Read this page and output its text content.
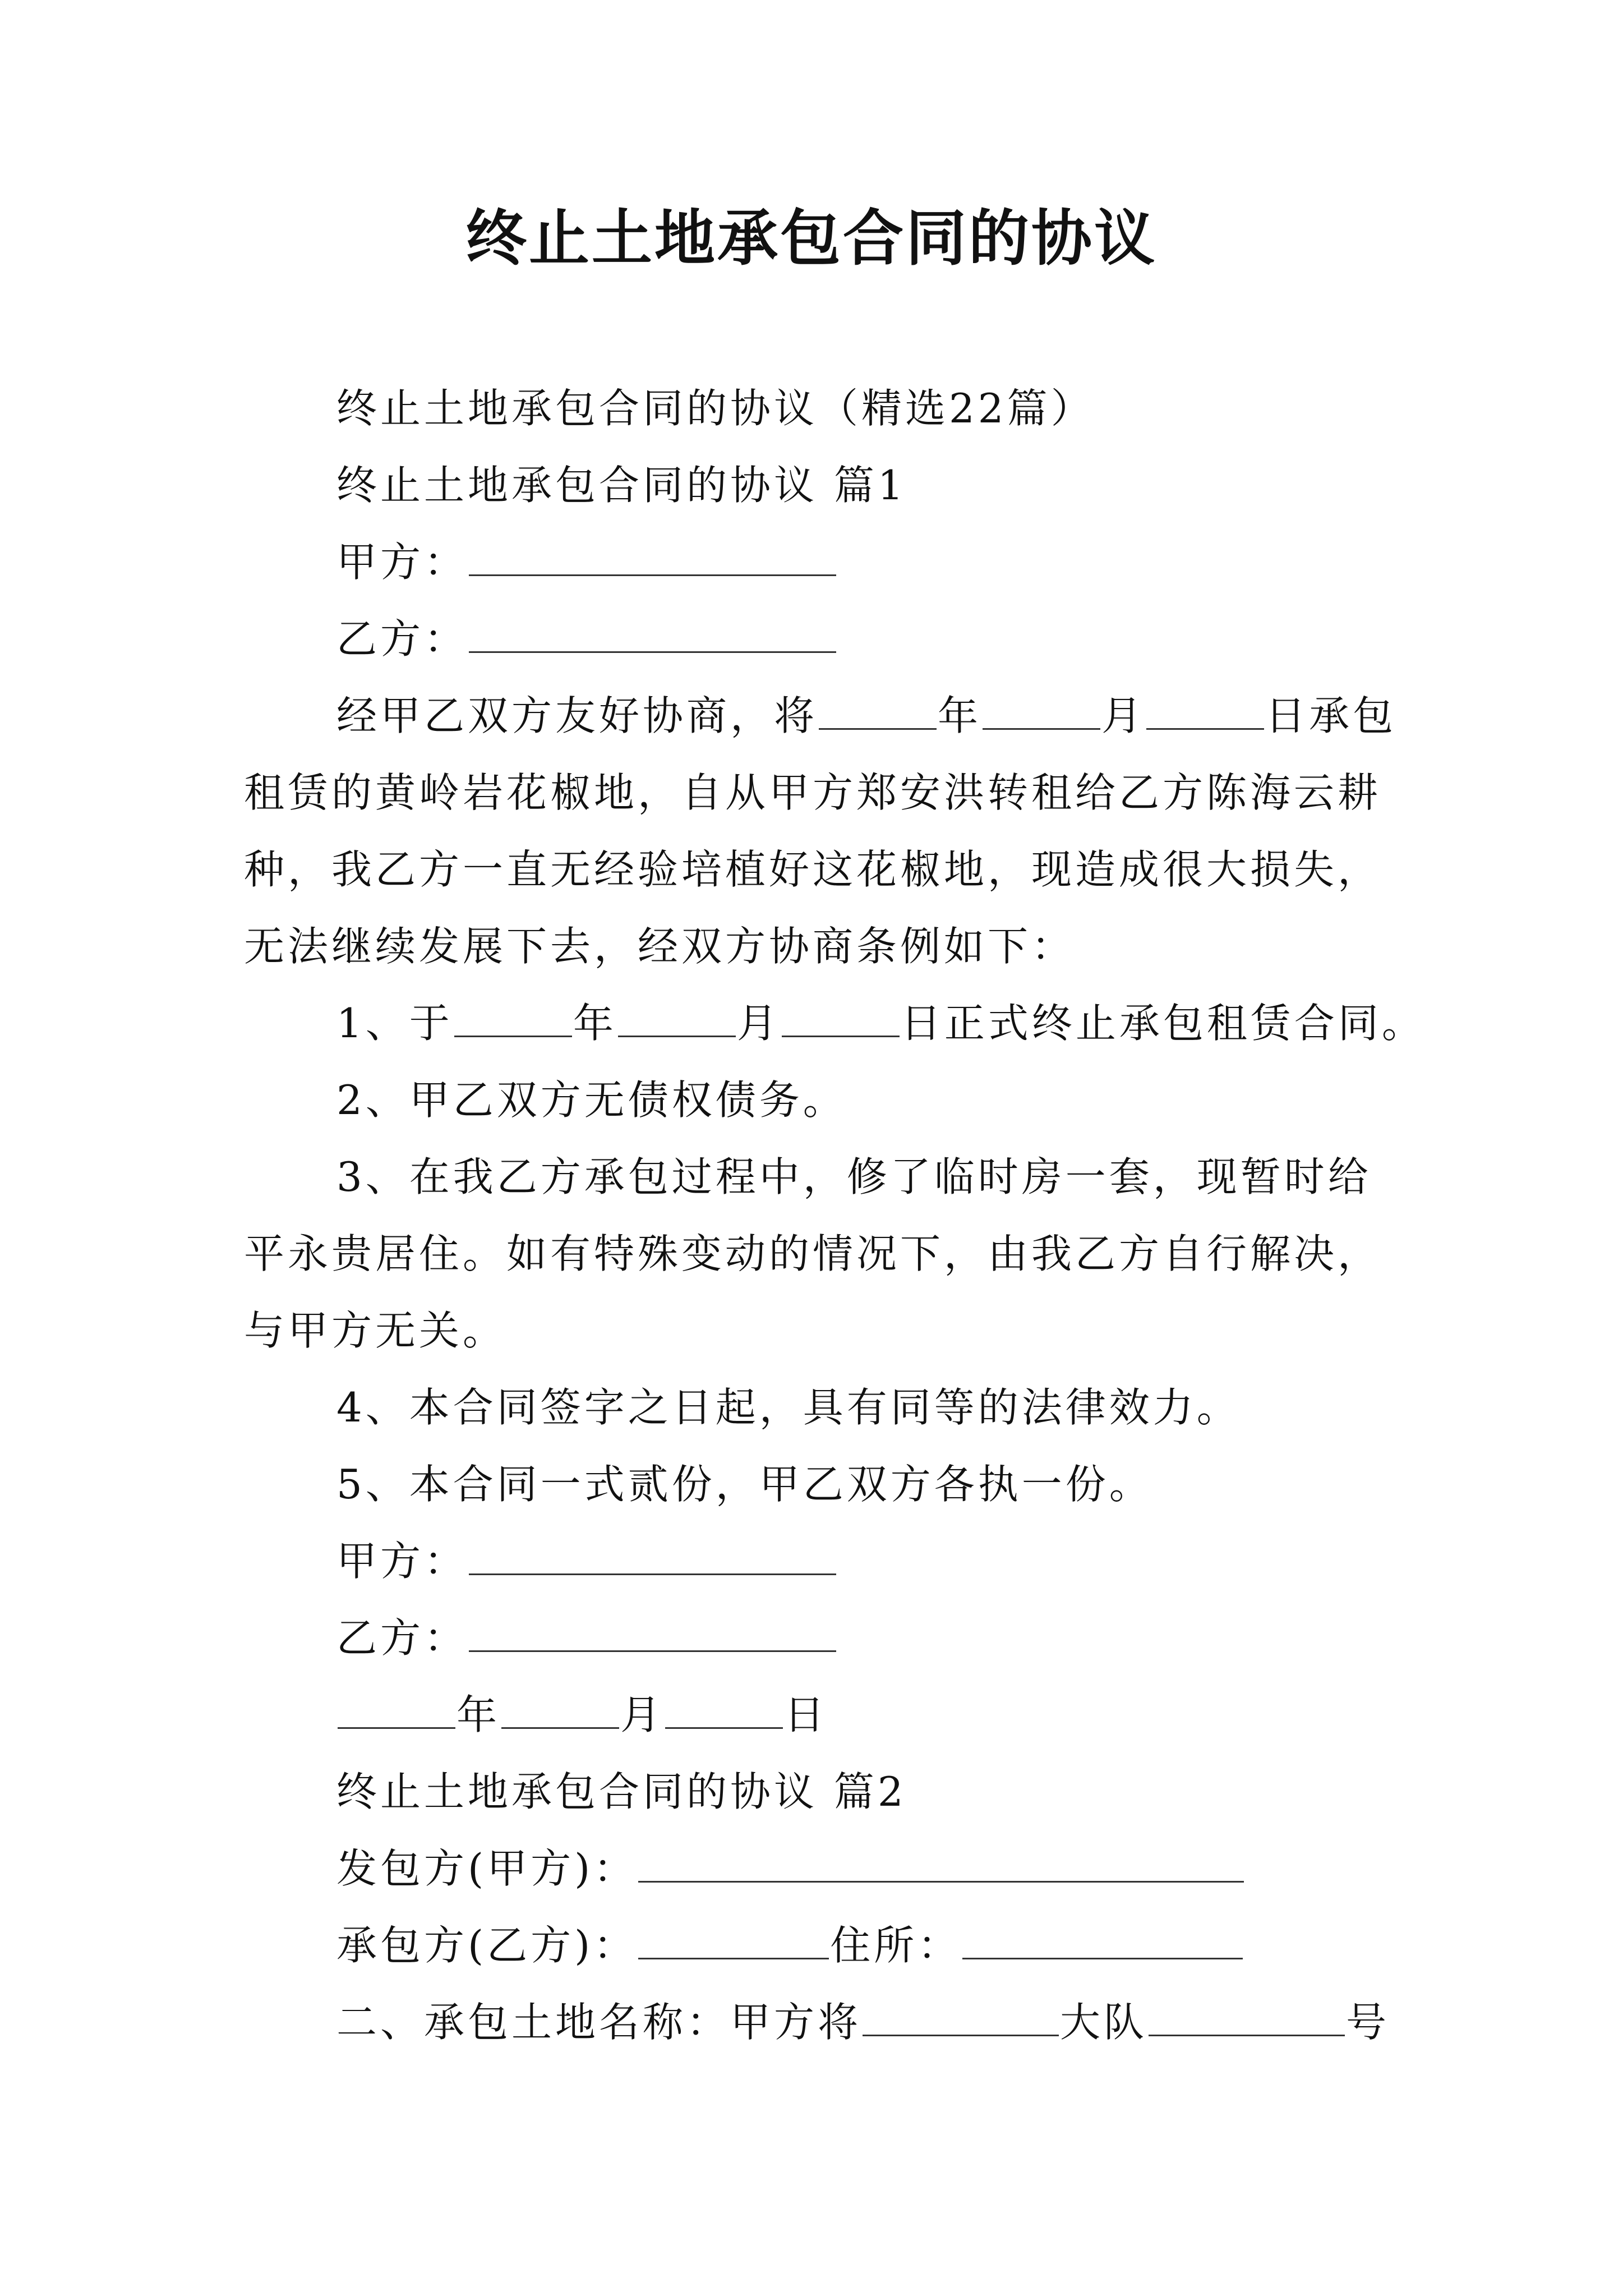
终止土地承包合同的协议
终止土地承包合同的协议（精选22篇）
终止土地承包合同的协议 篇1
甲方：
乙方：
经甲乙双方友好协商，将	年	月	日承包
租赁的黄岭岩花椒地，自从甲方郑安洪转租给乙方陈海云耕
种，我乙方一直无经验培植好这花椒地，现造成很大损失，
无法继续发展下去，经双方协商条例如下：
1、于	年	月	日正式终止承包租赁合同。
2、甲乙双方无债权债务。
3、在我乙方承包过程中，修了临时房一套，现暂时给
平永贵居住。如有特殊变动的情况下，由我乙方自行解决，
与甲方无关。
4、本合同签字之日起，具有同等的法律效力。
5、本合同一式贰份，甲乙双方各执一份。
甲方：
乙方：
年	月	日
终止土地承包合同的协议 篇2
发包方(甲方)：
承包方(乙方)：	住所：
二、承包土地名称：甲方将	大队	号
